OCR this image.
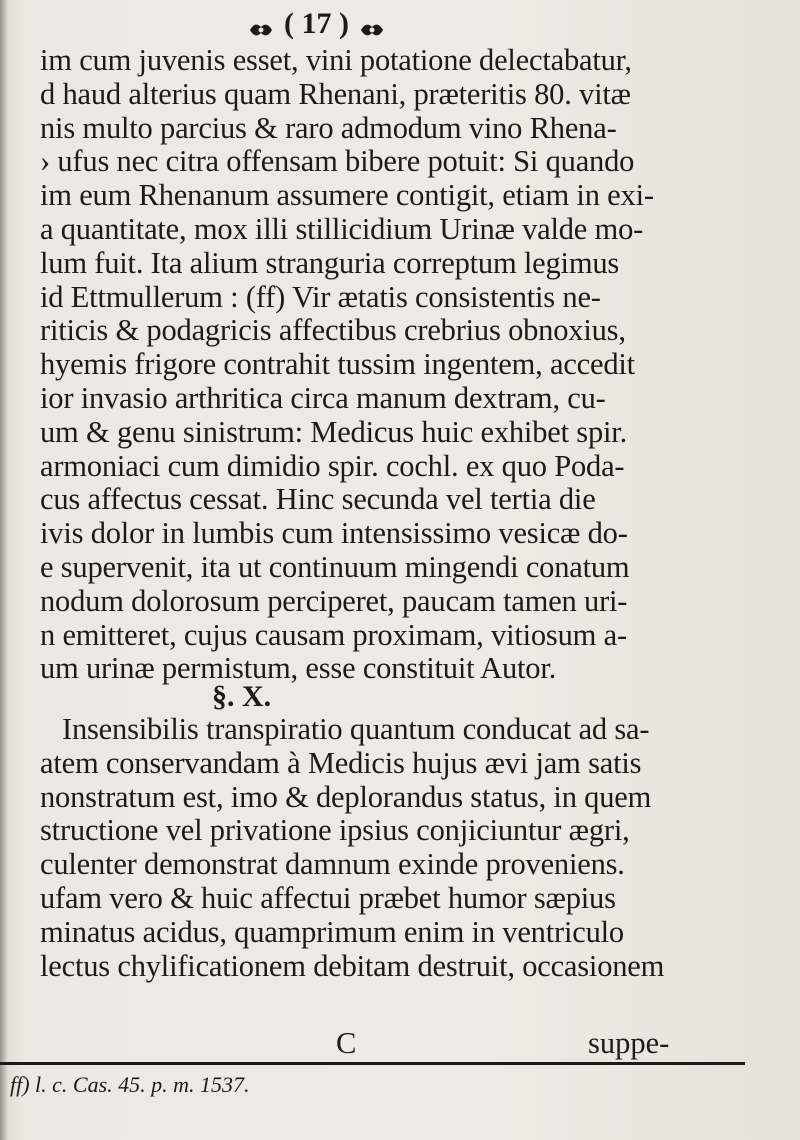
( 17 )
im cum juvenis esset, vini potatione delectabatur,
d haud alterius quam Rhenani, præteritis 80. vitæ
nis multo parcius & raro admodum vino Rhena-
› ufus nec citra offensam bibere potuit: Si quando
im eum Rhenanum assumere contigit, etiam in exi-
a quantitate, mox illi stillicidium Urinæ valde mo-
lum fuit. Ita alium stranguria correptum legimus
id Ettmullerum : (ff) Vir ætatis consistentis ne-
riticis & podagricis affectibus crebrius obnoxius,
hyemis frigore contrahit tussim ingentem, accedit
ior invasio arthritica circa manum dextram, cu-
um & genu sinistrum: Medicus huic exhibet spir.
armoniaci cum dimidio spir. cochl. ex quo Poda-
cus affectus cessat. Hinc secunda vel tertia die
ivis dolor in lumbis cum intensissimo vesicæ do-
e supervenit, ita ut continuum mingendi conatum
nodum dolorosum perciperet, paucam tamen uri-
n emitteret, cujus causam proximam, vitiosum a-
um urinæ permistum, esse constituit Autor.
§. X.
Insensibilis transpiratio quantum conducat ad sa-
atem conservandam à Medicis hujus ævi jam satis
nonstratum est, imo & deplorandus status, in quem
structione vel privatione ipsius conjiciuntur ægri,
culenter demonstrat damnum exinde proveniens.
ufam vero & huic affectui præbet humor sæpius
minatus acidus, quamprimum enim in ventriculo
lectus chylificationem debitam destruit, occasionem
C	suppe-
ff) l. c. Cas. 45. p. m. 1537.
